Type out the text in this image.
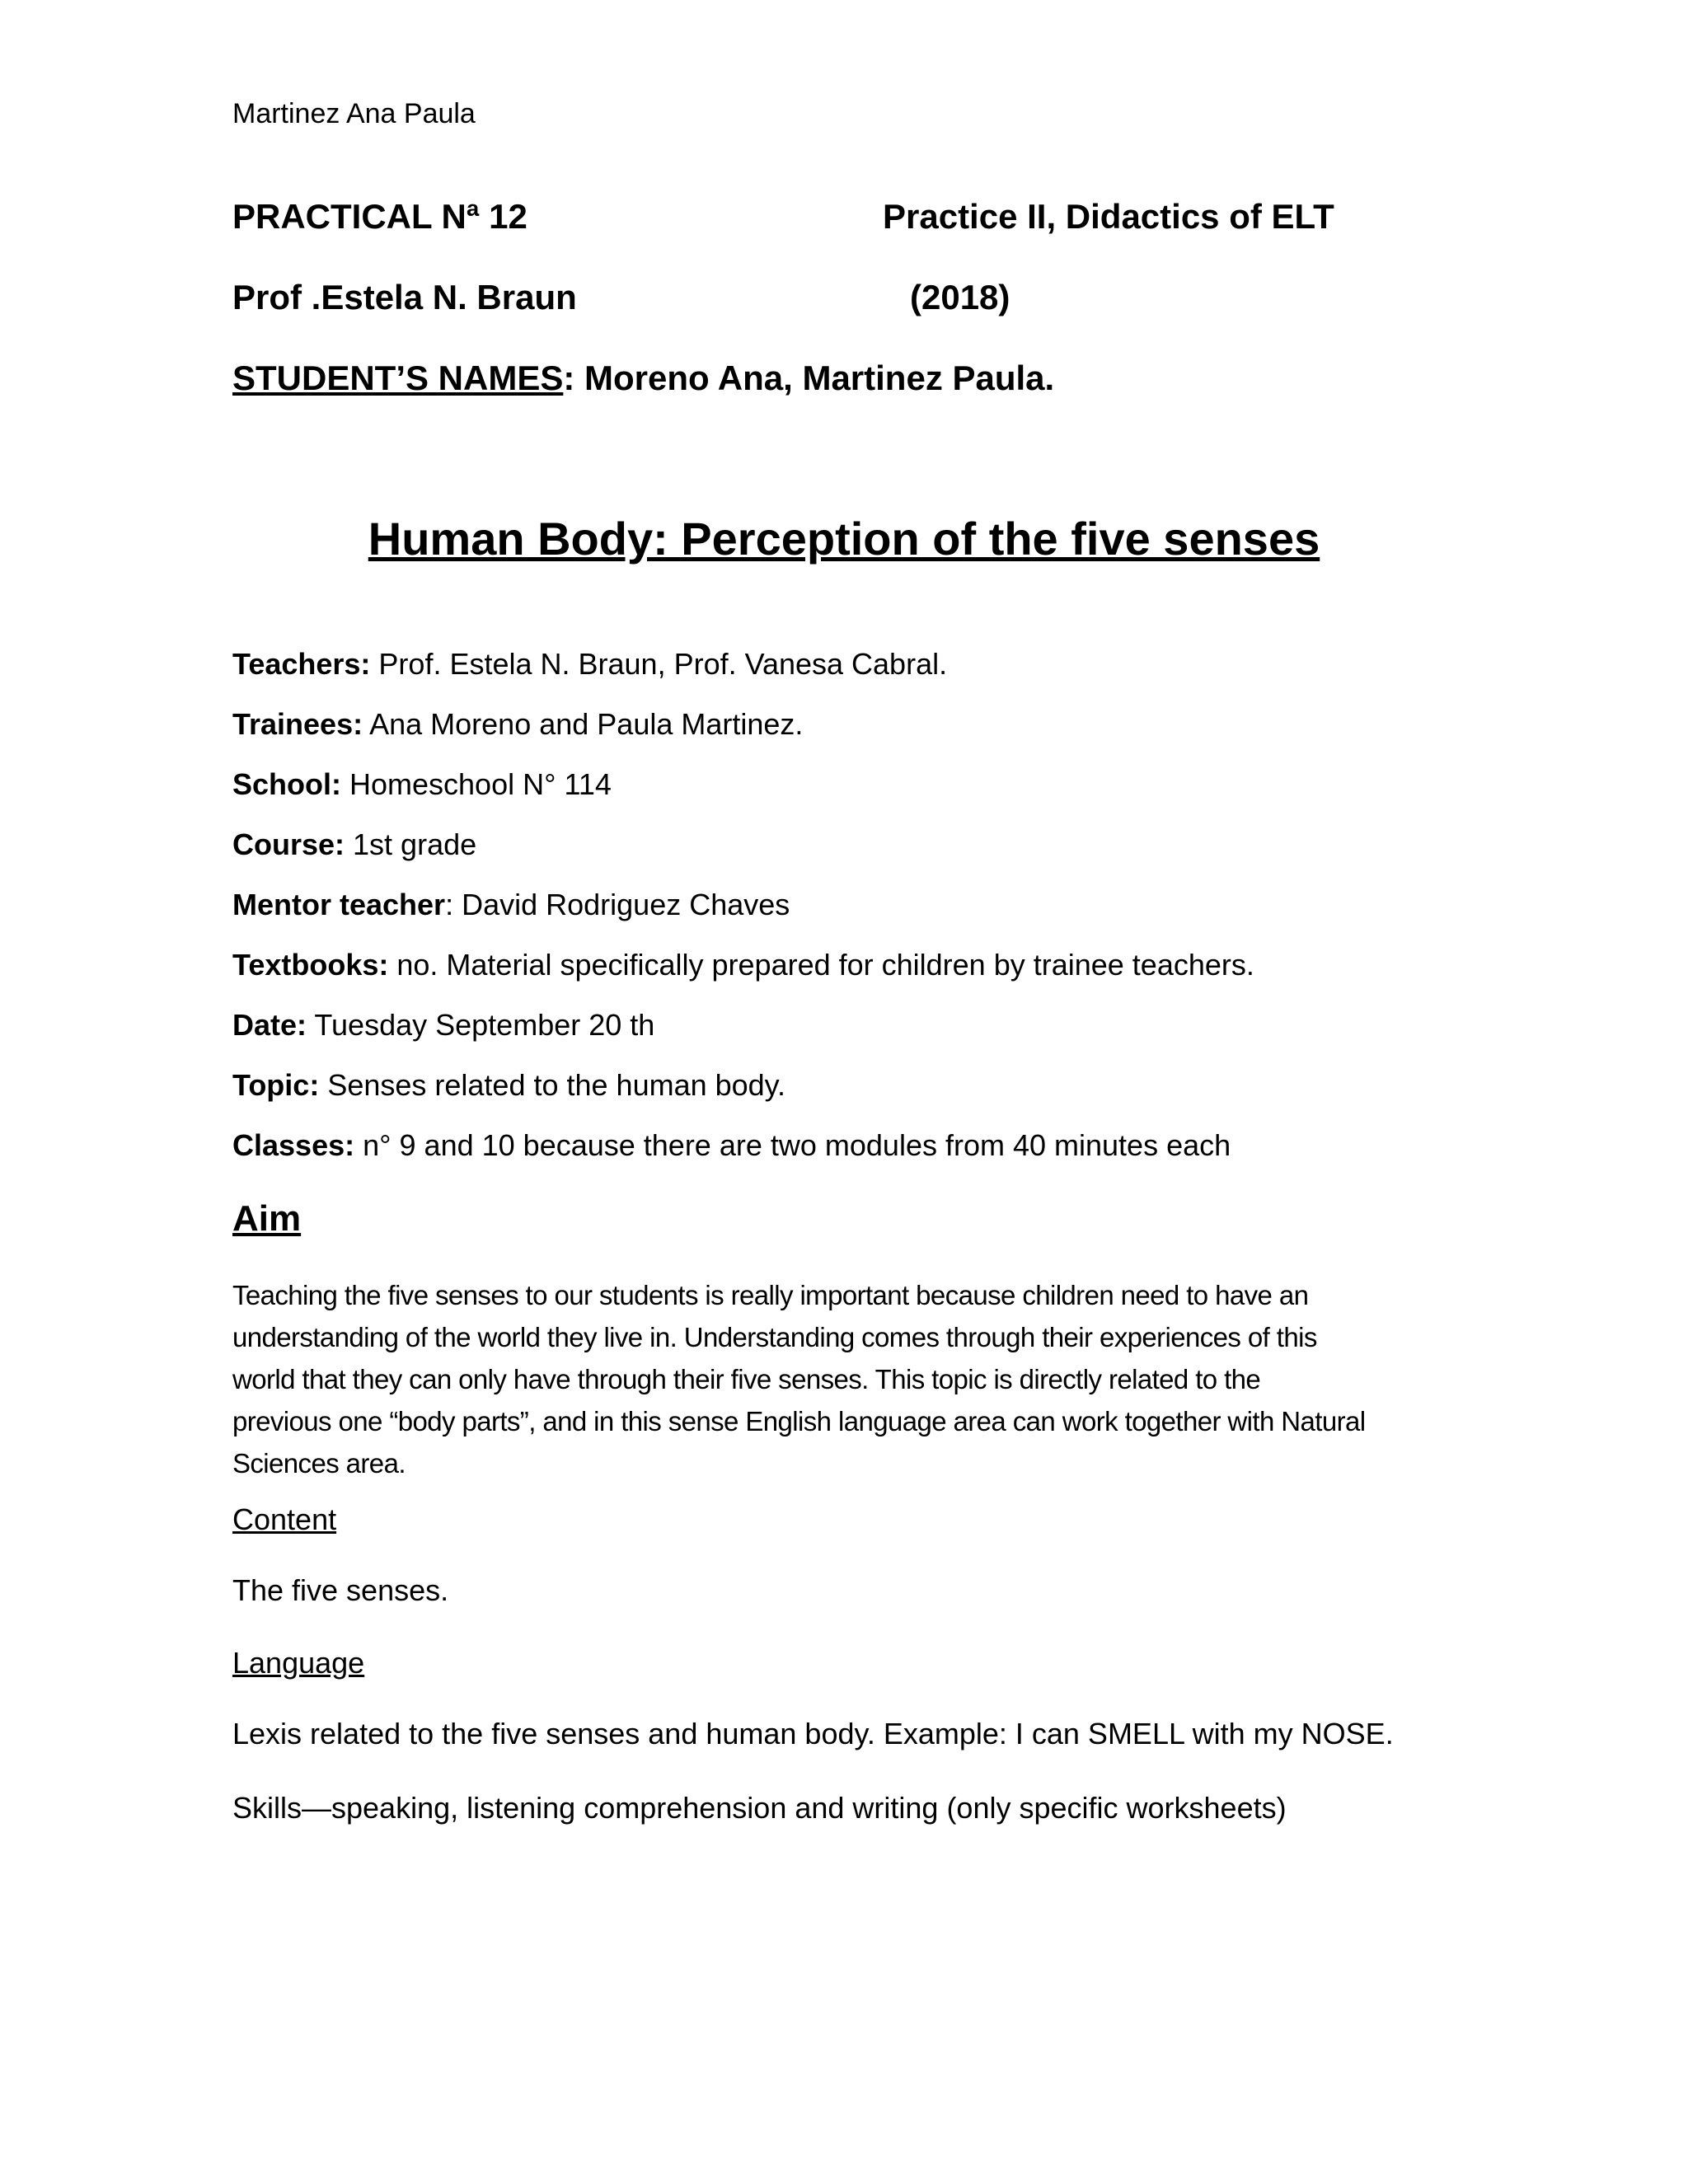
Martinez Ana Paula
PRACTICAL Nª 12	Practice II, Didactics of ELT
Prof .Estela N. Braun	(2018)
STUDENT’S NAMES: Moreno Ana, Martinez Paula.
Human Body: Perception of the five senses
Teachers: Prof. Estela N. Braun, Prof. Vanesa Cabral.
Trainees: Ana Moreno and Paula Martinez.
School: Homeschool N° 114
Course: 1st grade
Mentor teacher: David Rodriguez Chaves
Textbooks: no. Material specifically prepared for children by trainee teachers.
Date: Tuesday September 20 th
Topic: Senses related to the human body.
Classes: n° 9 and 10 because there are two modules from 40 minutes each
Aim
Teaching the five senses to our students is really important because children need to have an
understanding of the world they live in. Understanding comes through their experiences of this
world that they can only have through their five senses. This topic is directly related to the
previous one “body parts”, and in this sense English language area can work together with Natural
Sciences area.
Content
The five senses.
Language
Lexis related to the five senses and human body. Example: I can SMELL with my NOSE.
Skills—speaking, listening comprehension and writing (only specific worksheets)
